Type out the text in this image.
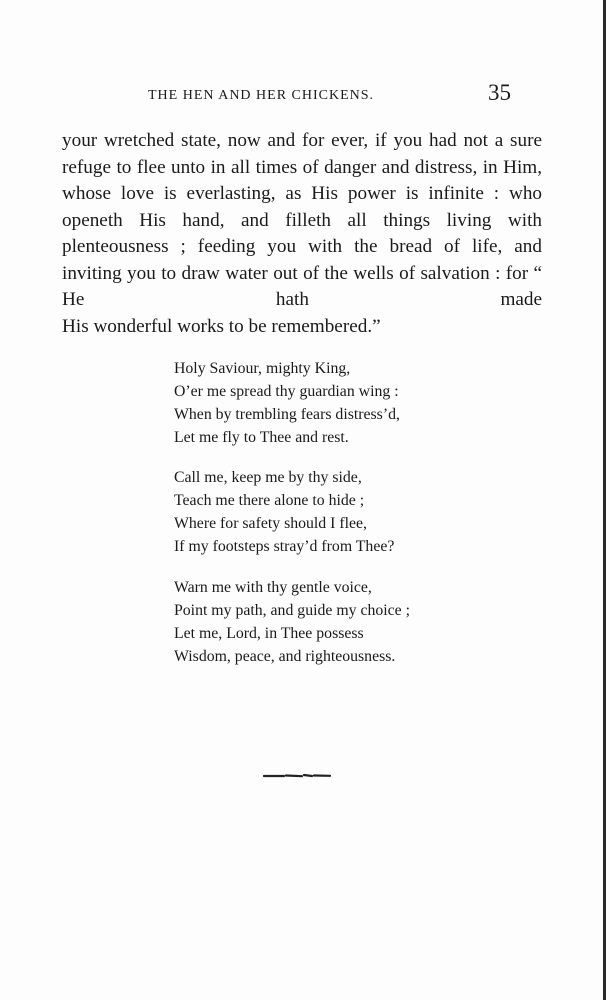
THE HEN AND HER CHICKENS.	35

your wretched state, now and for ever, if you had not a sure refuge to flee unto in all times of danger and distress, in Him, whose love is everlasting, as His power is infinite : who openeth His hand, and filleth all things living with plenteousness ; feeding you with the bread of life, and inviting you to draw water out of the wells of salvation : for “ He hath made
His wonderful works to be remembered.”

Holy Saviour, mighty King,
O’er me spread thy guardian wing :
When by trembling fears distress’d,
Let me fly to Thee and rest.
Call me, keep me by thy side,
Teach me there alone to hide ;
Where for safety should I flee,
If my footsteps stray’d from Thee?
Warn me with thy gentle voice,
Point my path, and guide my choice ;
Let me, Lord, in Thee possess
Wisdom, peace, and righteousness.
